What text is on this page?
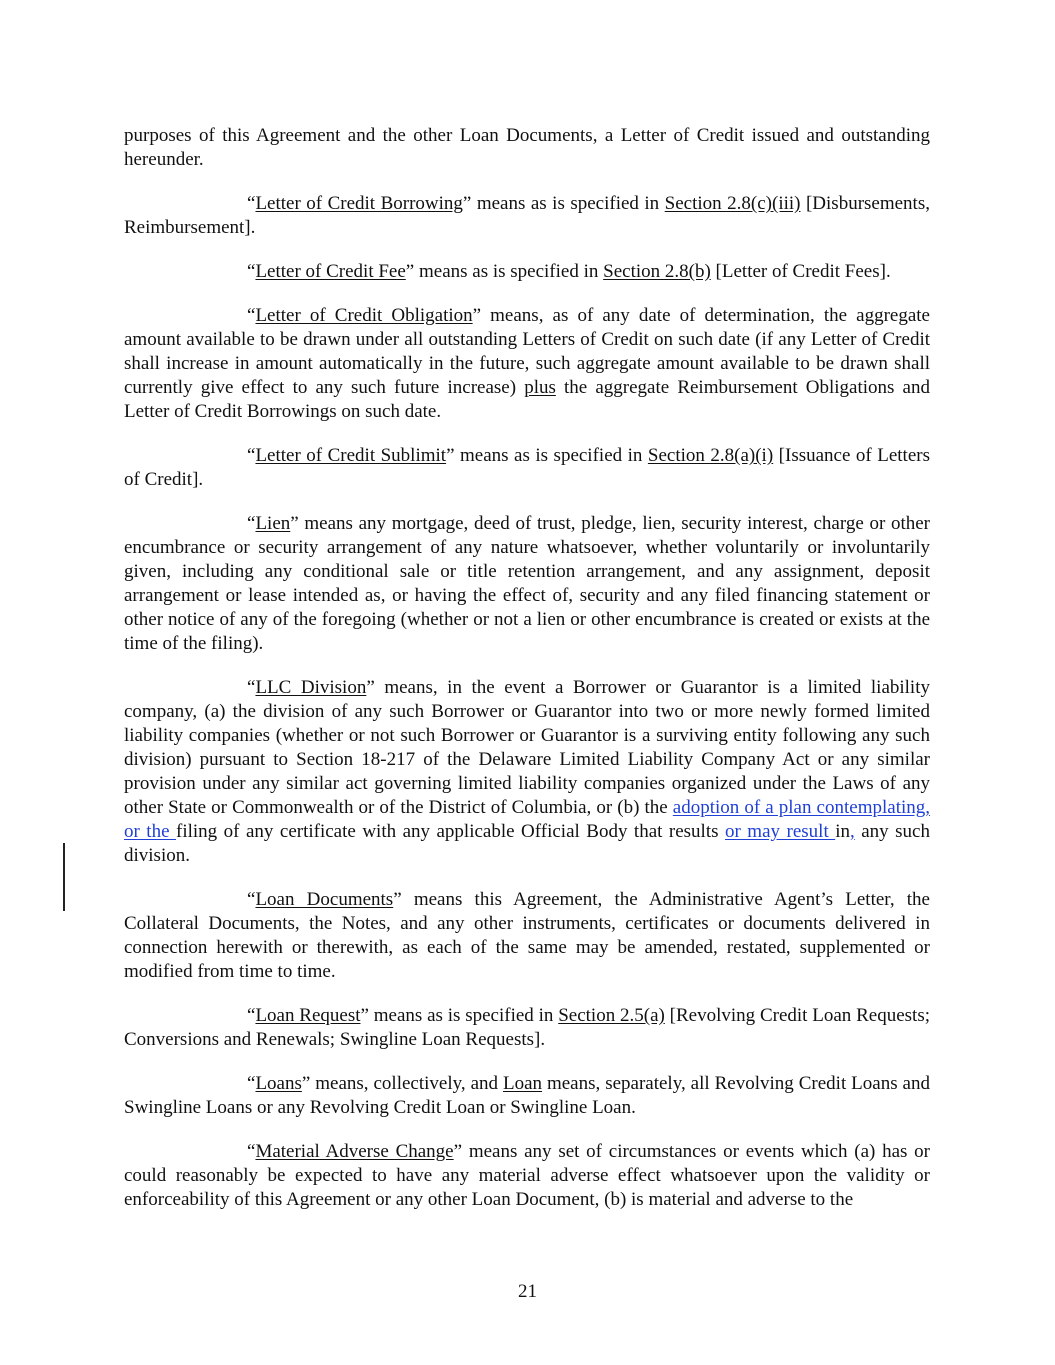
purposes of this Agreement and the other Loan Documents, a Letter of Credit issued and outstanding hereunder.

“Letter of Credit Borrowing” means as is specified in Section 2.8(c)(iii) [Disbursements, Reimbursement].

“Letter of Credit Fee” means as is specified in Section 2.8(b) [Letter of Credit Fees].

“Letter of Credit Obligation” means, as of any date of determination, the aggregate amount available to be drawn under all outstanding Letters of Credit on such date (if any Letter of Credit shall increase in amount automatically in the future, such aggregate amount available to be drawn shall currently give effect to any such future increase) plus the aggregate Reimbursement Obligations and Letter of Credit Borrowings on such date.

“Letter of Credit Sublimit” means as is specified in Section 2.8(a)(i) [Issuance of Letters of Credit].

“Lien” means any mortgage, deed of trust, pledge, lien, security interest, charge or other encumbrance or security arrangement of any nature whatsoever, whether voluntarily or involuntarily given, including any conditional sale or title retention arrangement, and any assignment, deposit arrangement or lease intended as, or having the effect of, security and any filed financing statement or other notice of any of the foregoing (whether or not a lien or other encumbrance is created or exists at the time of the filing).

“LLC Division” means, in the event a Borrower or Guarantor is a limited liability company, (a) the division of any such Borrower or Guarantor into two or more newly formed limited liability companies (whether or not such Borrower or Guarantor is a surviving entity following any such division) pursuant to Section 18-217 of the Delaware Limited Liability Company Act or any similar provision under any similar act governing limited liability companies organized under the Laws of any other State or Commonwealth or of the District of Columbia, or (b) the adoption of a plan contemplating, or the filing of any certificate with any applicable Official Body that results or may result in, any such division.

“Loan Documents” means this Agreement, the Administrative Agent’s Letter, the Collateral Documents, the Notes, and any other instruments, certificates or documents delivered in connection herewith or therewith, as each of the same may be amended, restated, supplemented or modified from time to time.

“Loan Request” means as is specified in Section 2.5(a) [Revolving Credit Loan Requests; Conversions and Renewals; Swingline Loan Requests].

“Loans” means, collectively, and Loan means, separately, all Revolving Credit Loans and Swingline Loans or any Revolving Credit Loan or Swingline Loan.

“Material Adverse Change” means any set of circumstances or events which (a) has or could reasonably be expected to have any material adverse effect whatsoever upon the validity or enforceability of this Agreement or any other Loan Document, (b) is material and adverse to the

21
